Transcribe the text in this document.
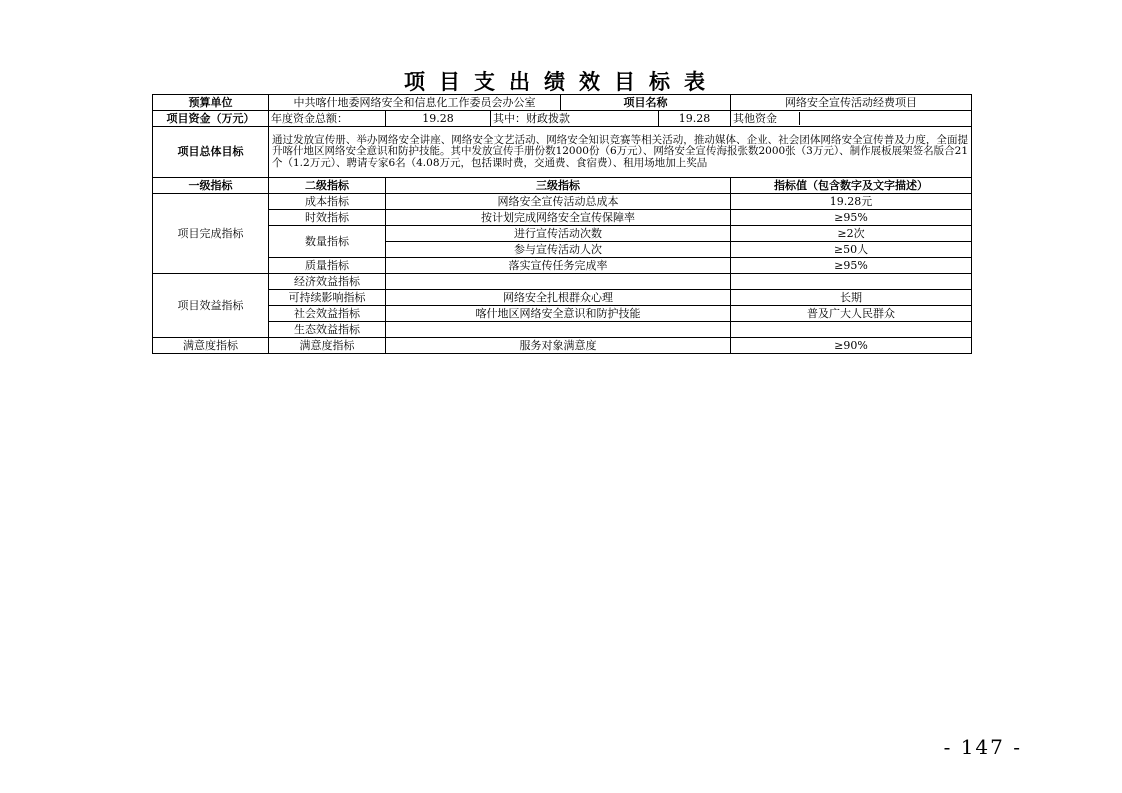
项目支出绩效目标表
预算单位	中共喀什地委网络安全和信息化工作委员会办公室			项目名称		网络安全宣传活动经费项目
项目资金（万元）	年度资金总额：	19.28	其中：财政拨款		19.28	其他资金
项目总体目标	通过发放宣传册、举办网络安全讲座、网络安全文艺活动、网络安全知识竞赛等相关活动，推动媒体、企业、社会团体网络安全宣传普及力度，全面提升喀什地区网络安全意识和防护技能。其中发放宣传手册份数12000份（6万元）、网络安全宣传海报张数2000张（3万元）、制作展板展架签名版合21个（1.2万元）、聘请专家6名（4.08万元，包括课时费，交通费、食宿费）、租用场地加上奖品					
一级指标	二级指标	三级指标				指标值（包含数字及文字描述）
项目完成指标	成本指标	网络安全宣传活动总成本				19.28元
	时效指标	按计划完成网络安全宣传保障率				≥95%
	数量指标	进行宣传活动次数				≥2次
		参与宣传活动人次				≥50人
	质量指标	落实宣传任务完成率				≥95%
项目效益指标	经济效益指标					
	可持续影响指标	网络安全扎根群众心理				长期
	社会效益指标	喀什地区网络安全意识和防护技能				普及广大人民群众
	生态效益指标					
满意度指标	满意度指标	服务对象满意度				≥90%
- 147 -
